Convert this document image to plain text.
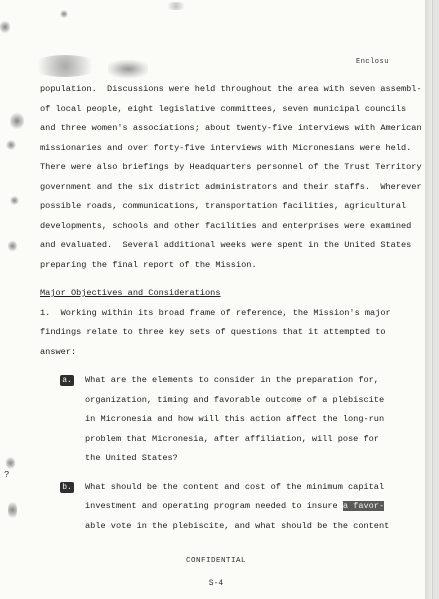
Enclosu
population.  Discussions were held throughout the area with seven assembl-
of local people, eight legislative committees, seven municipal councils
and three women's associations; about twenty-five interviews with American
missionaries and over forty-five interviews with Micronesians were held.
There were also briefings by Headquarters personnel of the Trust Territory
government and the six district administrators and their staffs.  Wherever
possible roads, communications, transportation facilities, agricultural
developments, schools and other facilities and enterprises were examined
and evaluated.  Several additional weeks were spent in the United States
preparing the final report of the Mission.
Major Objectives and Considerations
1.  Working within its broad frame of reference, the Mission's major
findings relate to three key sets of questions that it attempted to
answer:
a. What are the elements to consider in the preparation for,
organization, timing and favorable outcome of a plebiscite
in Micronesia and how will this action affect the long-run
problem that Micronesia, after affiliation, will pose for
the United States?
b. What should be the content and cost of the minimum capital
investment and operating program needed to insure a favor-
able vote in the plebiscite, and what should be the content
?
CONFIDENTIAL
S-4
